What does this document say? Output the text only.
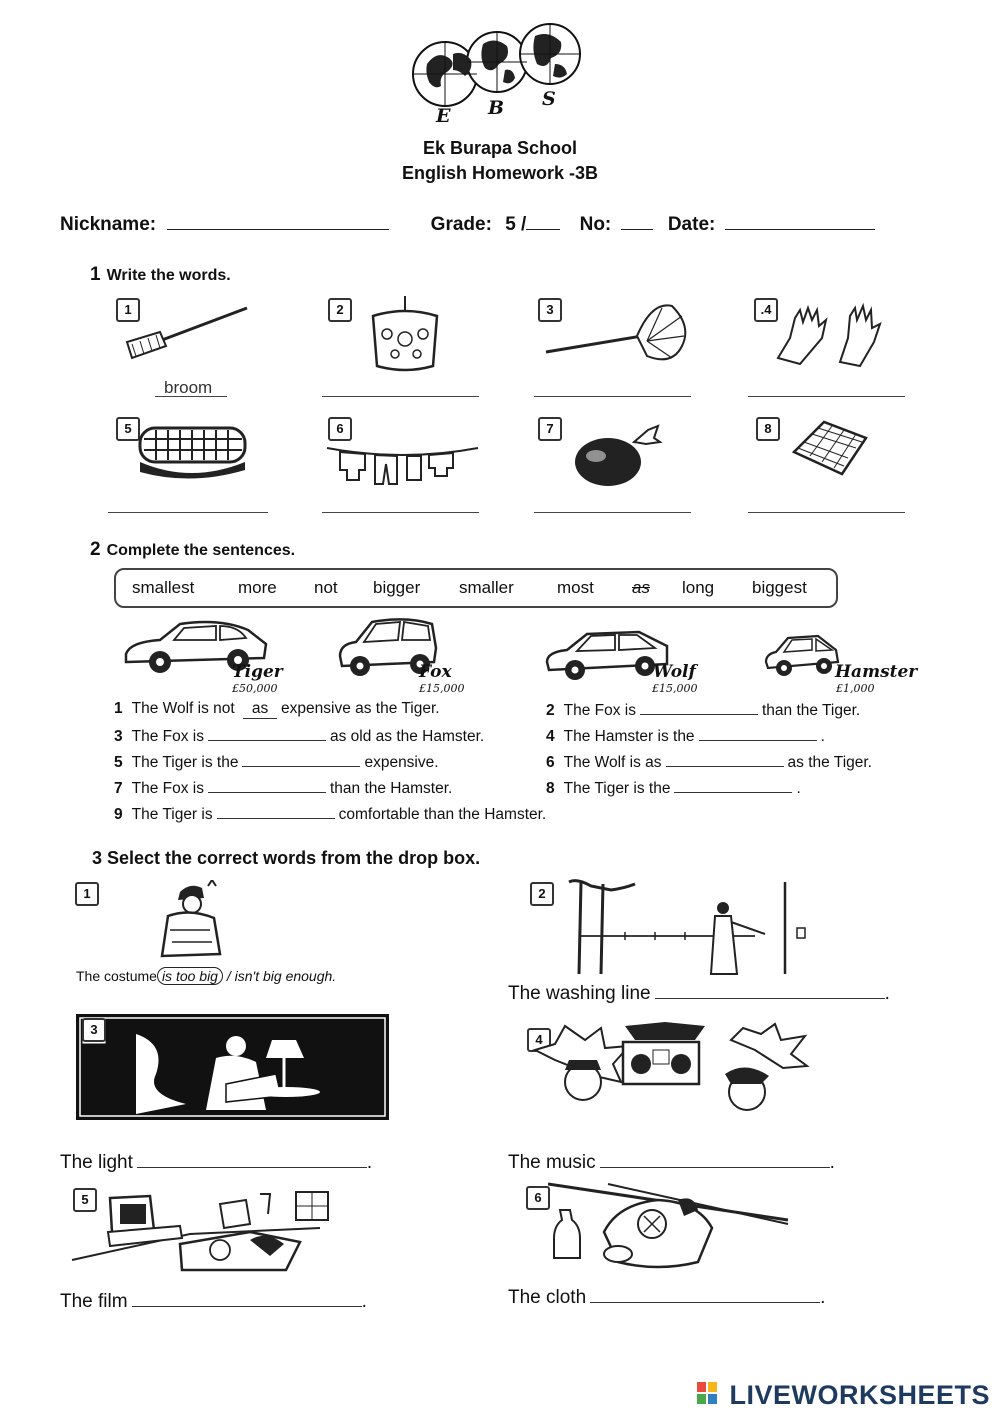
E B S
Ek Burapa School
English Homework -3B
Nickname:	Grade: 5 /	No:	Date:
1 Write the words.
1	2	3	.4
5	6	7	8
broom
2 Complete the sentences.
smallest	more not bigger smaller	most as long biggest
Tiger
£50,000
Fox
£15,000
Wolf
£15,000
Hamster
£1,000
1 The Wolf is not as expensive as the Tiger.	2 The Fox is	than the Tiger.
3 The Fox is	as old as the Hamster.	4 The Hamster is the	.
5 The Tiger is the	expensive.	6 The Wolf is as	as the Tiger.
7 The Fox is	than the Hamster.	8 The Tiger is the	.
9 The Tiger is	comfortable than the Hamster.
3 Select the correct words from the drop box.
1
The costume is too big / isn't big enough.
2
The washing line	.
3
The light	.
4
The music	.
5
The film	.
6
The cloth	.
LIVEWORKSHEETS
